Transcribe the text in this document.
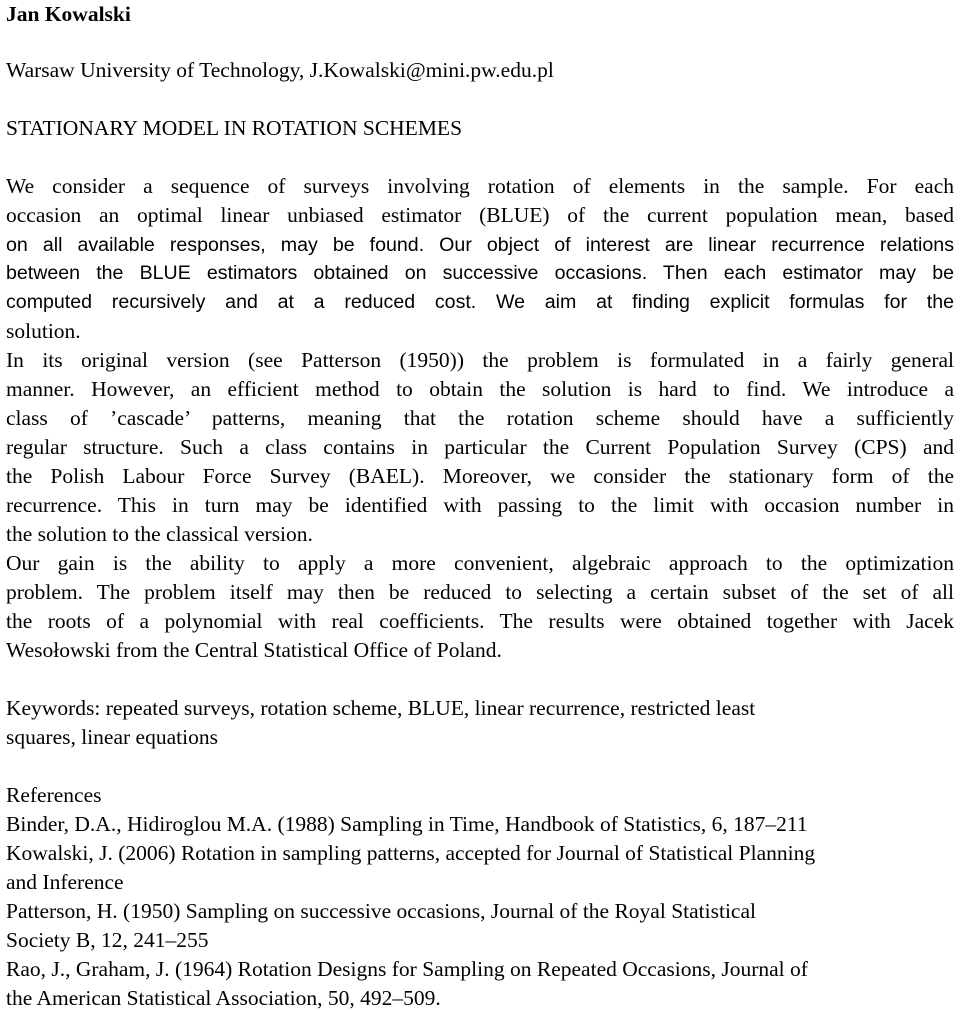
Jan Kowalski
Warsaw University of Technology, J.Kowalski@mini.pw.edu.pl
STATIONARY MODEL IN ROTATION SCHEMES
We consider a sequence of surveys involving rotation of elements in the sample. For each
occasion an optimal linear unbiased estimator (BLUE) of the current population mean, based
on all available responses, may be found. Our object of interest are linear recurrence relations
between the BLUE estimators obtained on successive occasions. Then each estimator may be
computed recursively and at a reduced cost. We aim at finding explicit formulas for the
solution.
In its original version (see Patterson (1950)) the problem is formulated in a fairly general
manner. However, an efficient method to obtain the solution is hard to find. We introduce a
class of ’cascade’ patterns, meaning that the rotation scheme should have a sufficiently
regular structure. Such a class contains in particular the Current Population Survey (CPS) and
the Polish Labour Force Survey (BAEL). Moreover, we consider the stationary form of the
recurrence. This in turn may be identified with passing to the limit with occasion number in
the solution to the classical version.
Our gain is the ability to apply a more convenient, algebraic approach to the optimization
problem. The problem itself may then be reduced to selecting a certain subset of the set of all
the roots of a polynomial with real coefficients. The results were obtained together with Jacek
Wesołowski from the Central Statistical Office of Poland.
Keywords: repeated surveys, rotation scheme, BLUE, linear recurrence, restricted least
squares, linear equations
References
Binder, D.A., Hidiroglou M.A. (1988) Sampling in Time, Handbook of Statistics, 6, 187–211
Kowalski, J. (2006) Rotation in sampling patterns, accepted for Journal of Statistical Planning
and Inference
Patterson, H. (1950) Sampling on successive occasions, Journal of the Royal Statistical
Society B, 12, 241–255
Rao, J., Graham, J. (1964) Rotation Designs for Sampling on Repeated Occasions, Journal of
the American Statistical Association, 50, 492–509.
